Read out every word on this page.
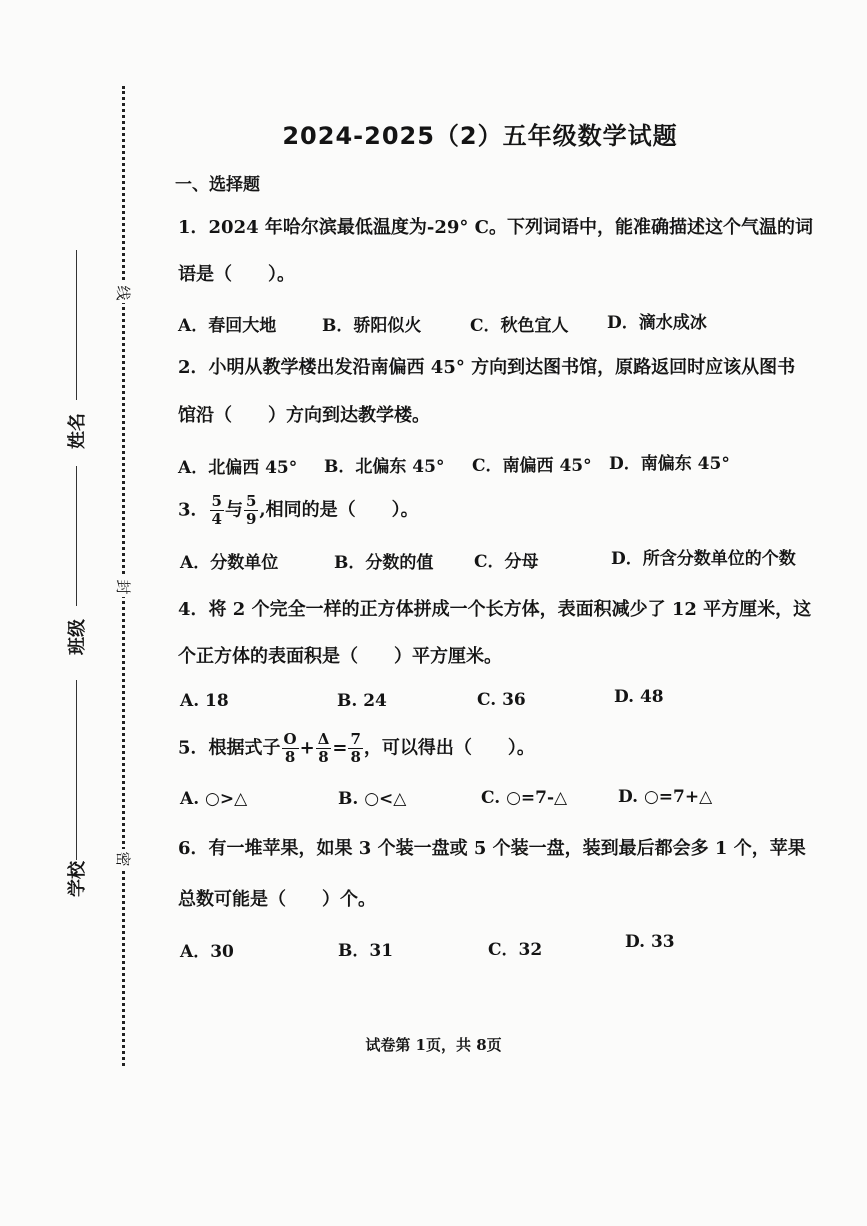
线
封
密
姓名
班级
学校
2024-2025（2）五年级数学试题
一、选择题
1．2024 年哈尔滨最低温度为-29° C。下列词语中，能准确描述这个气温的词
语是（　　）。
A．春回大地	B．骄阳似火	C．秋色宜人 D．滴水成冰
2．小明从教学楼出发沿南偏西 45° 方向到达图书馆，原路返回时应该从图书
馆沿（　　）方向到达教学楼。
A．北偏西 45° B．北偏东 45° C．南偏西 45° D．南偏东 45°
3． $\frac{5}{4}$ 与 $\frac{5}{9}$ ,相同的是（　　）。
A．分数单位	B．分数的值 C．分母	D．所含分数单位的个数
4．将 2 个完全一样的正方体拼成一个长方体，表面积减少了 12 平方厘米，这
个正方体的表面积是（　　）平方厘米。
A. 18	B. 24	C. 36	D. 48
5．根据式子 $\frac{O}{8} + \frac{\Delta}{8} = \frac{7}{8}$ ，可以得出（　　）。
A. ○>△	B. ○<△	C. ○=7-△	D. ○=7+△
6．有一堆苹果，如果 3 个装一盘或 5 个装一盘，装到最后都会多 1 个，苹果
总数可能是（　　）个。
A．30	B．31	C．32	D. 33
试卷第 1页，共 8页
